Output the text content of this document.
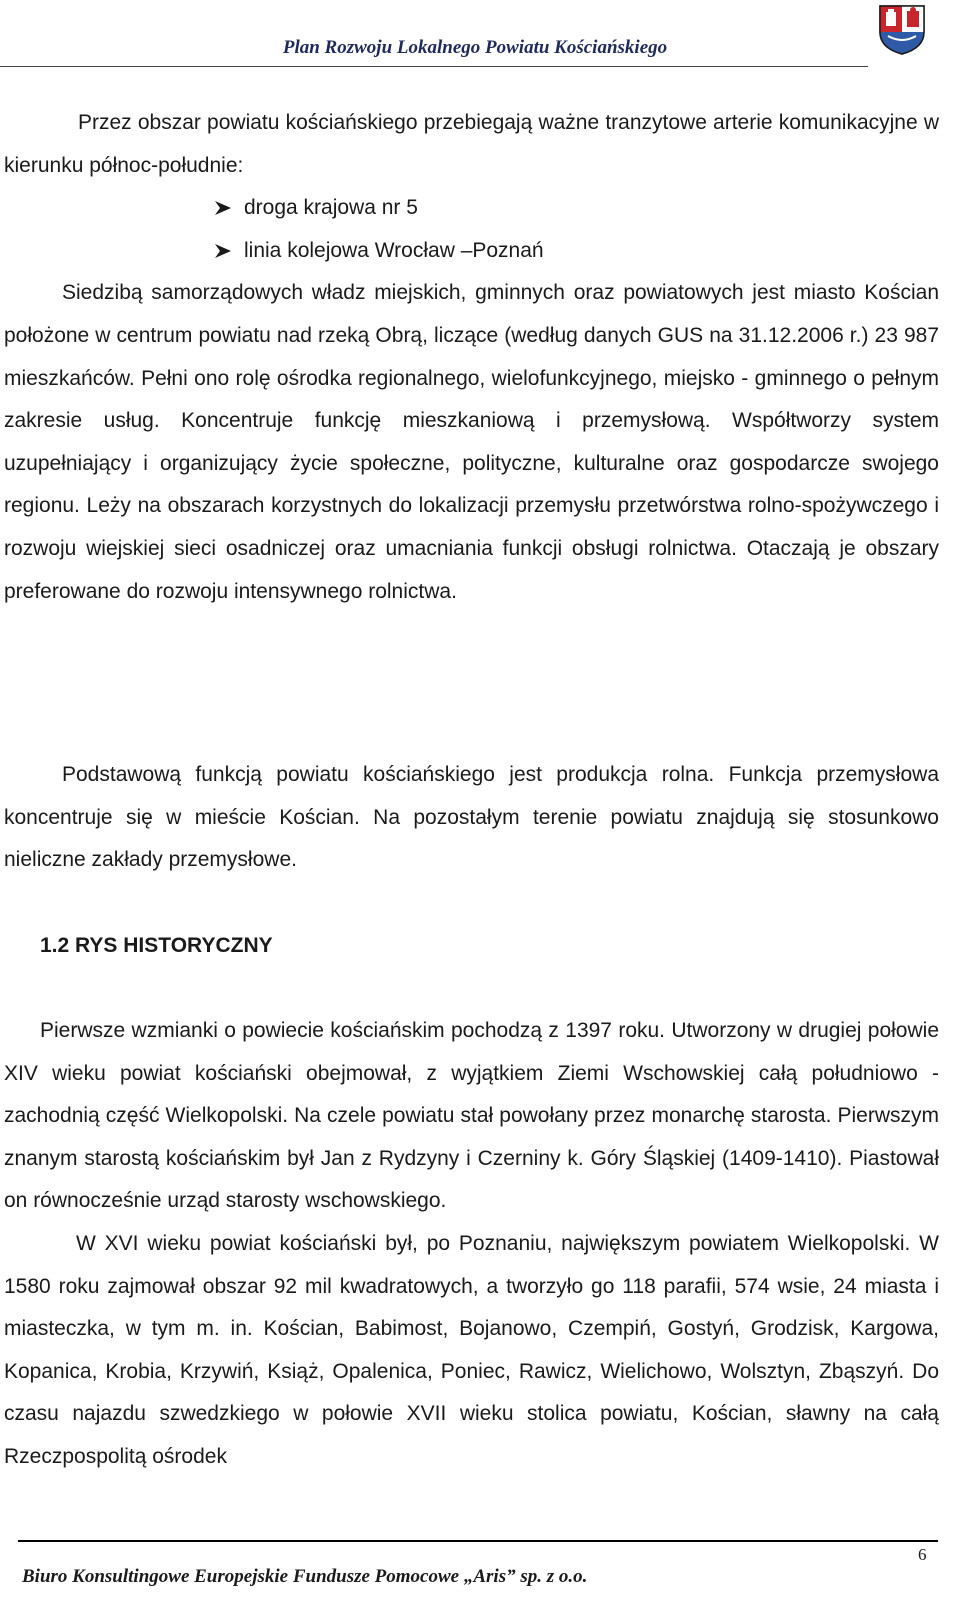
Plan Rozwoju Lokalnego Powiatu Kościańskiego

Przez obszar powiatu kościańskiego przebiegają ważne tranzytowe arterie komunikacyjne w kierunku północ-południe:

droga krajowa nr 5
linia kolejowa Wrocław –Poznań

Siedzibą samorządowych władz miejskich, gminnych oraz powiatowych jest miasto Kościan położone w centrum powiatu nad rzeką Obrą, liczące (według danych GUS na 31.12.2006 r.) 23 987 mieszkańców. Pełni ono rolę ośrodka regionalnego, wielofunkcyjnego, miejsko - gminnego o pełnym zakresie usług. Koncentruje funkcję mieszkaniową i przemysłową. Współtworzy system uzupełniający i organizujący życie społeczne, polityczne, kulturalne oraz gospodarcze swojego regionu. Leży na obszarach korzystnych do lokalizacji przemysłu przetwórstwa rolno-spożywczego i rozwoju wiejskiej sieci osadniczej oraz umacniania funkcji obsługi rolnictwa. Otaczają je obszary preferowane do rozwoju intensywnego rolnictwa.

Podstawową funkcją powiatu kościańskiego jest produkcja rolna. Funkcja przemysłowa koncentruje się w mieście Kościan. Na pozostałym terenie powiatu znajdują się stosunkowo nieliczne zakłady przemysłowe.

1.2 RYS HISTORYCZNY

Pierwsze wzmianki o powiecie kościańskim pochodzą z 1397 roku. Utworzony w drugiej połowie XIV wieku powiat kościański obejmował, z wyjątkiem Ziemi Wschowskiej całą południowo - zachodnią część Wielkopolski. Na czele powiatu stał powołany przez monarchę starosta. Pierwszym znanym starostą kościańskim był Jan z Rydzyny i Czerniny k. Góry Śląskiej (1409-1410). Piastował on równocześnie urząd starosty wschowskiego.

W XVI wieku powiat kościański był, po Poznaniu, największym powiatem Wielkopolski. W 1580 roku zajmował obszar 92 mil kwadratowych, a tworzyło go 118 parafii, 574 wsie, 24 miasta i miasteczka, w tym m. in. Kościan, Babimost, Bojanowo, Czempiń, Gostyń, Grodzisk, Kargowa, Kopanica, Krobia, Krzywiń, Książ, Opalenica, Poniec, Rawicz, Wielichowo, Wolsztyn, Zbąszyń. Do czasu najazdu szwedzkiego w połowie XVII wieku stolica powiatu, Kościan, sławny na całą Rzeczpospolitą ośrodek

6
Biuro Konsultingowe Europejskie Fundusze Pomocowe „Aris” sp. z o.o.
